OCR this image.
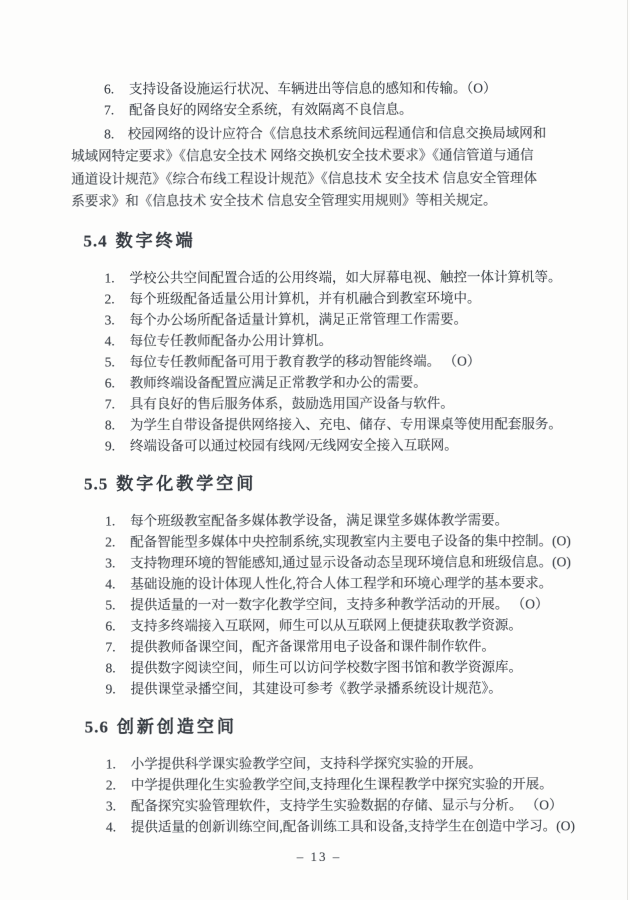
6. 支持设备设施运行状况、车辆进出等信息的感知和传输。（O）
7. 配备良好的网络安全系统，有效隔离不良信息。

8.　校园网络的设计应符合《信息技术系统间远程通信和信息交换局域网和
城域网特定要求》《信息安全技术 网络交换机安全技术要求》《通信管道与通信
通道设计规范》《综合布线工程设计规范》《信息技术 安全技术 信息安全管理体
系要求》和《信息技术 安全技术 信息安全管理实用规则》等相关规定。

5.4 数字终端
1. 学校公共空间配置合适的公用终端，如大屏幕电视、触控一体计算机等。
2. 每个班级配备适量公用计算机，并有机融合到教室环境中。
3. 每个办公场所配备适量计算机，满足正常管理工作需要。
4. 每位专任教师配备办公用计算机。
5. 每位专任教师配备可用于教育教学的移动智能终端。 （O）
6. 教师终端设备配置应满足正常教学和办公的需要。
7. 具有良好的售后服务体系，鼓励选用国产设备与软件。
8. 为学生自带设备提供网络接入、充电、储存、专用课桌等使用配套服务。
9. 终端设备可以通过校园有线网/无线网安全接入互联网。
5.5 数字化教学空间
1. 每个班级教室配备多媒体教学设备，满足课堂多媒体教学需要。
2. 配备智能型多媒体中央控制系统,实现教室内主要电子设备的集中控制。(O)
3. 支持物理环境的智能感知,通过显示设备动态呈现环境信息和班级信息。(O)
4. 基础设施的设计体现人性化,符合人体工程学和环境心理学的基本要求。
5. 提供适量的一对一数字化教学空间，支持多种教学活动的开展。 （O）
6. 支持多终端接入互联网，师生可以从互联网上便捷获取教学资源。
7. 提供教师备课空间，配齐备课常用电子设备和课件制作软件。
8. 提供数字阅读空间，师生可以访问学校数字图书馆和教学资源库。
9. 提供课堂录播空间，其建设可参考《教学录播系统设计规范》。
5.6 创新创造空间
1. 小学提供科学课实验教学空间，支持科学探究实验的开展。
2. 中学提供理化生实验教学空间,支持理化生课程教学中探究实验的开展。
3. 配备探究实验管理软件，支持学生实验数据的存储、显示与分析。 （O）
4. 提供适量的创新训练空间,配备训练工具和设备,支持学生在创造中学习。(O)
– 13 –
